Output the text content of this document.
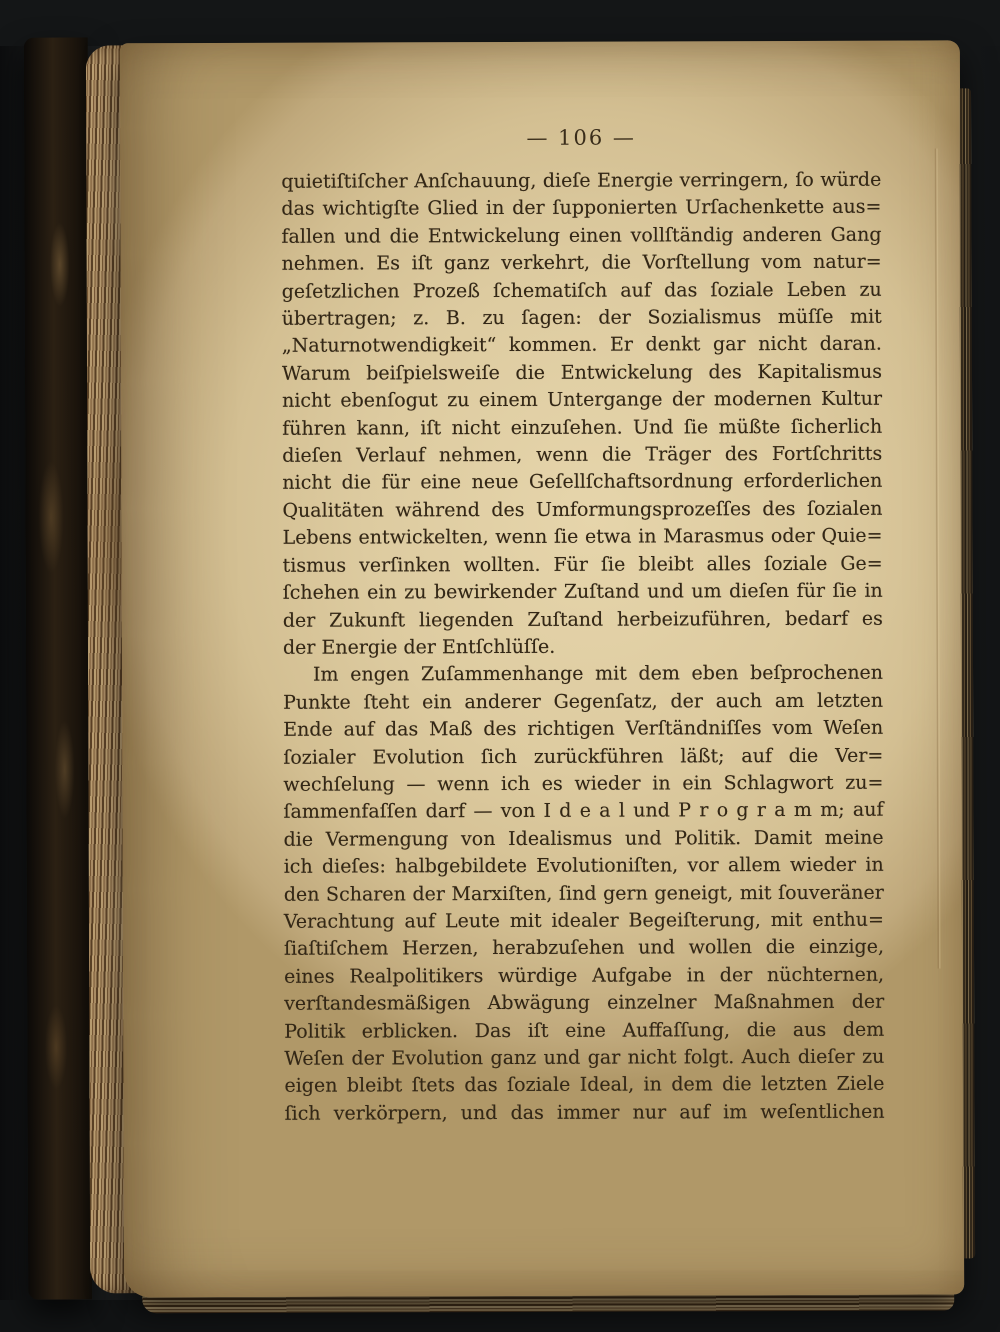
— 106 —
quietiſtiſcher Anſchauung, dieſe Energie verringern, ſo würde
das wichtigſte Glied in der ſupponierten Urſachenkette aus=
fallen und die Entwickelung einen vollſtändig anderen Gang
nehmen. Es iſt ganz verkehrt, die Vorſtellung vom natur=
geſetzlichen Prozeß ſchematiſch auf das ſoziale Leben zu
übertragen; z. B. zu ſagen: der Sozialismus müſſe mit
„Naturnotwendigkeit“ kommen. Er denkt gar nicht daran.
Warum beiſpielsweiſe die Entwickelung des Kapitalismus
nicht ebenſogut zu einem Untergange der modernen Kultur
führen kann, iſt nicht einzuſehen. Und ſie müßte ſicherlich
dieſen Verlauf nehmen, wenn die Träger des Fortſchritts
nicht die für eine neue Geſellſchaftsordnung erforderlichen
Qualitäten während des Umformungsprozeſſes des ſozialen
Lebens entwickelten, wenn ſie etwa in Marasmus oder Quie=
tismus verſinken wollten. Für ſie bleibt alles ſoziale Ge=
ſchehen ein zu bewirkender Zuſtand und um dieſen für ſie in
der Zukunft liegenden Zuſtand herbeizuführen, bedarf es
der Energie der Entſchlüſſe.
Im engen Zuſammenhange mit dem eben beſprochenen
Punkte ſteht ein anderer Gegenſatz, der auch am letzten
Ende auf das Maß des richtigen Verſtändniſſes vom Weſen
ſozialer Evolution ſich zurückführen läßt; auf die Ver=
wechſelung — wenn ich es wieder in ein Schlagwort zu=
ſammenfaſſen darf — von I d e a l und P r o g r a m m; auf
die Vermengung von Idealismus und Politik. Damit meine
ich dieſes: halbgebildete Evolutioniſten, vor allem wieder in
den Scharen der Marxiſten, ſind gern geneigt, mit ſouveräner
Verachtung auf Leute mit idealer Begeiſterung, mit enthu=
ſiaſtiſchem Herzen, herabzuſehen und wollen die einzige,
eines Realpolitikers würdige Aufgabe in der nüchternen,
verſtandesmäßigen Abwägung einzelner Maßnahmen der
Politik erblicken. Das iſt eine Auffaſſung, die aus dem
Weſen der Evolution ganz und gar nicht folgt. Auch dieſer zu
eigen bleibt ſtets das ſoziale Ideal, in dem die letzten Ziele
ſich verkörpern, und das immer nur auf im weſentlichen
